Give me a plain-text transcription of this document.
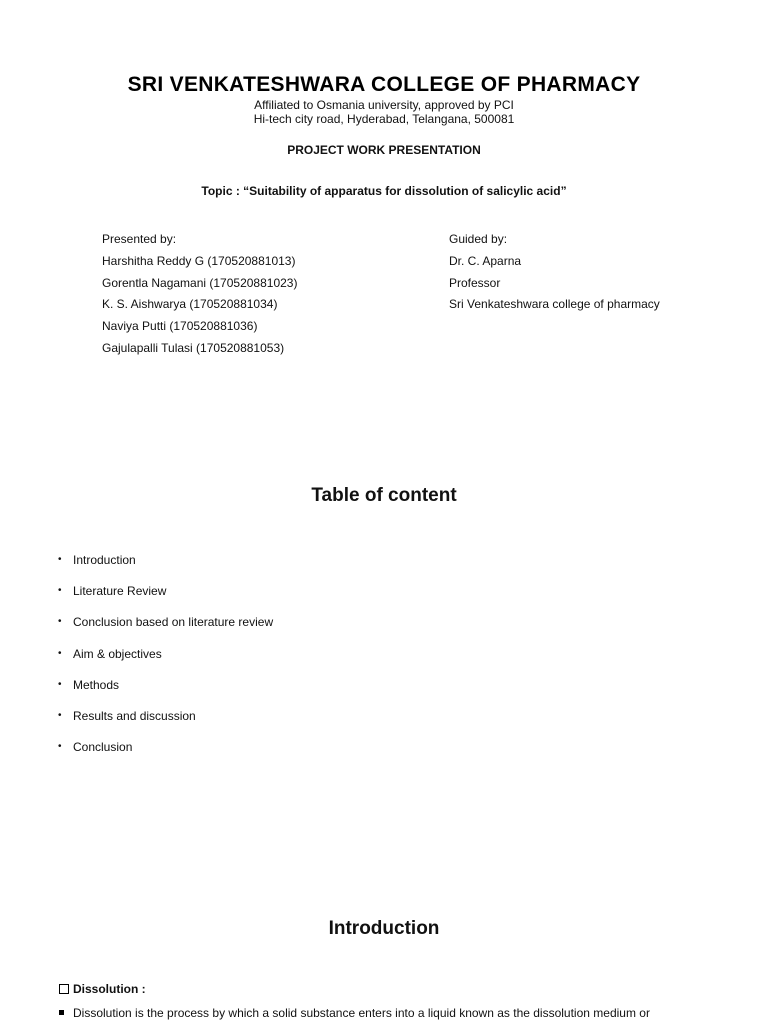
SRI VENKATESHWARA COLLEGE OF PHARMACY
Affiliated to Osmania university, approved by PCI
Hi-tech city road, Hyderabad, Telangana, 500081
PROJECT WORK PRESENTATION
Topic : “Suitability of apparatus for dissolution of salicylic acid”
Presented by:
Harshitha Reddy G (170520881013)
Gorentla Nagamani (170520881023)
K. S. Aishwarya (170520881034)
Naviya Putti (170520881036)
Gajulapalli Tulasi (170520881053)
Guided by:
Dr. C. Aparna
Professor
Sri Venkateshwara college of pharmacy
Table of content
• Introduction
• Literature Review
• Conclusion based on literature review
• Aim & objectives
• Methods
• Results and discussion
• Conclusion
Introduction
Dissolution :
Dissolution is the process by which a solid substance enters into a liquid known as the dissolution medium or
